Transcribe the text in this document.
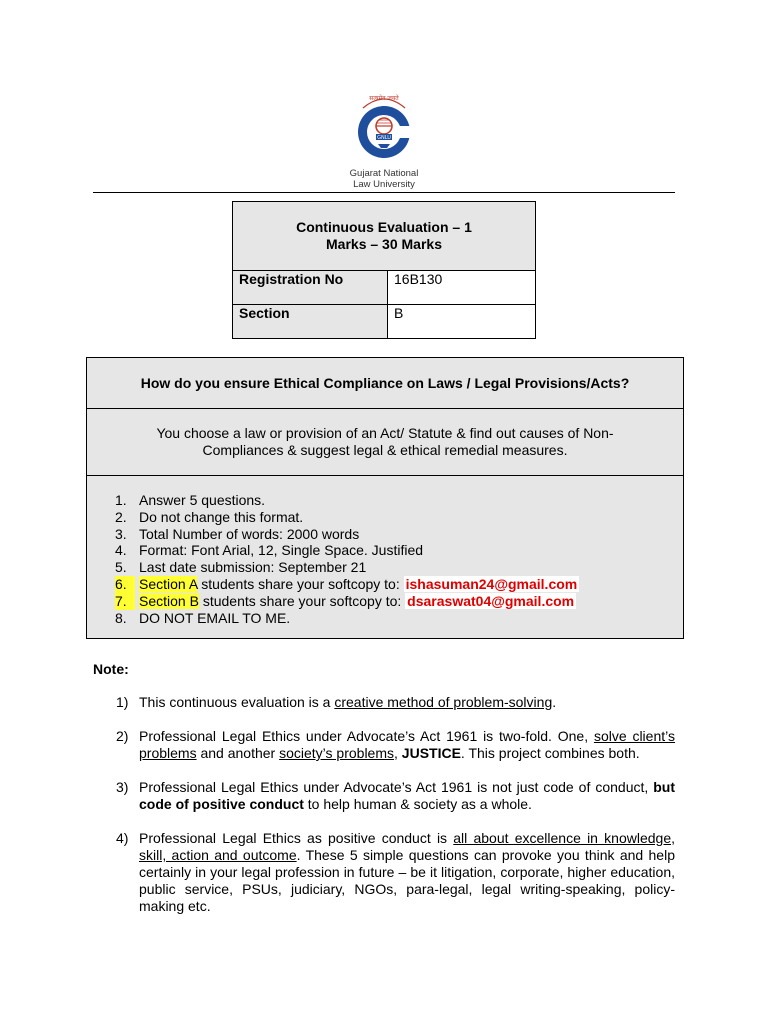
सत्यमेव जयते
GNLU
Gujarat National
Law University
Continuous Evaluation – 1
Marks – 30 Marks	

Registration No	16B130
Section	B
How do you ensure Ethical Compliance on Laws / Legal Provisions/Acts?
You choose a law or provision of an Act/ Statute & find out causes of Non-
Compliances & suggest legal & ethical remedial measures.
1. Answer 5 questions.
2. Do not change this format.
3. Total Number of words: 2000 words
4. Format: Font Arial, 12, Single Space. Justified
5. Last date submission: September 21
6. Section A students share your softcopy to: ishasuman24@gmail.com
7. Section B students share your softcopy to: dsaraswat04@gmail.com
8. DO NOT EMAIL TO ME.
Note:
1) This continuous evaluation is a creative method of problem-solving.
2) Professional Legal Ethics under Advocate’s Act 1961 is two-fold. One, solve client’s problems and another society’s problems, JUSTICE. This project combines both.
3) Professional Legal Ethics under Advocate’s Act 1961 is not just code of conduct, but code of positive conduct to help human & society as a whole.
4) Professional Legal Ethics as positive conduct is all about excellence in knowledge, skill, action and outcome. These 5 simple questions can provoke you think and help certainly in your legal profession in future – be it litigation, corporate, higher education, public service, PSUs, judiciary, NGOs, para-legal, legal writing-speaking, policy-making etc.
